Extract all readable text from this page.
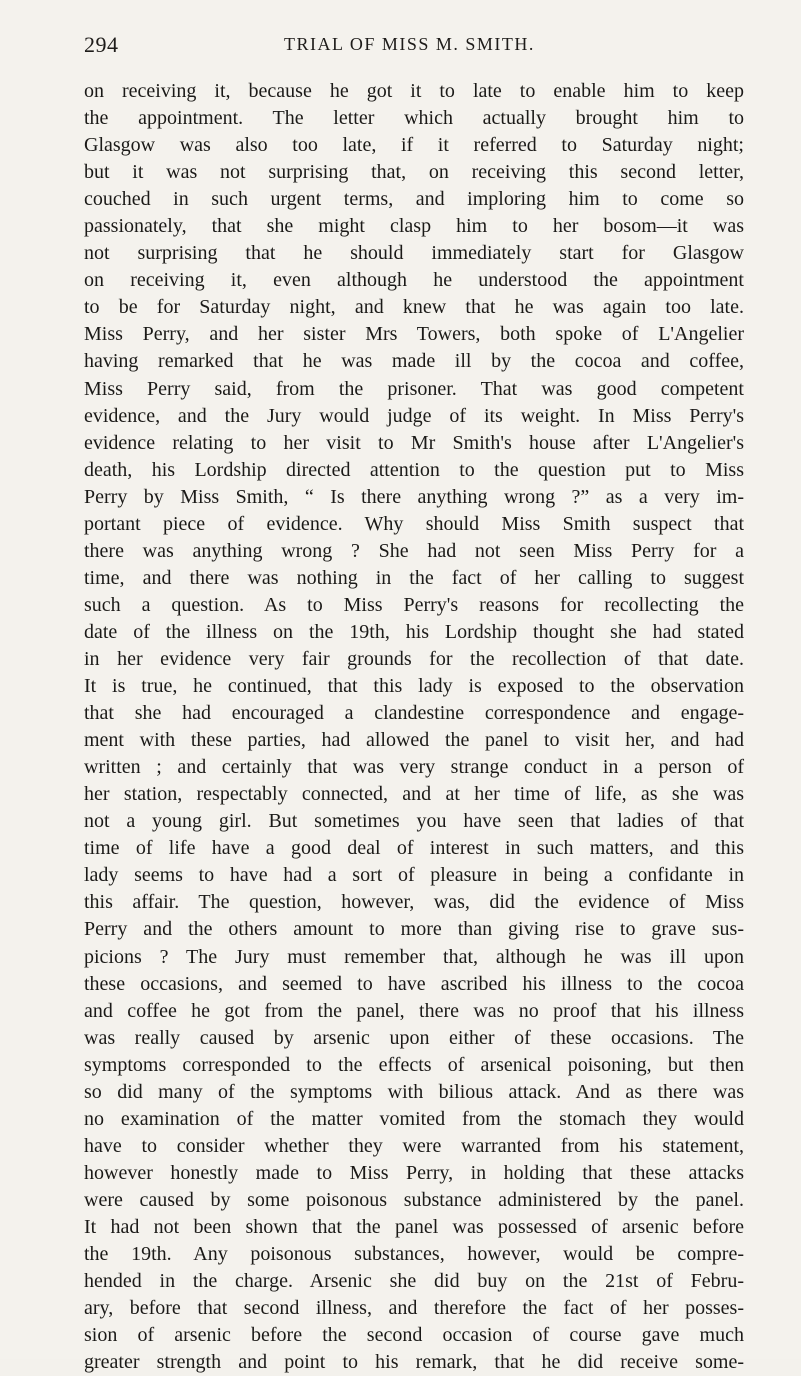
294	TRIAL OF MISS M. SMITH.
on receiving it, because he got it to late to enable him to keep
the appointment. The letter which actually brought him to
Glasgow was also too late, if it referred to Saturday night;
but it was not surprising that, on receiving this second letter,
couched in such urgent terms, and imploring him to come so
passionately, that she might clasp him to her bosom—it was
not surprising that he should immediately start for Glasgow
on receiving it, even although he understood the appointment
to be for Saturday night, and knew that he was again too late.
Miss Perry, and her sister Mrs Towers, both spoke of L'Angelier
having remarked that he was made ill by the cocoa and coffee,
Miss Perry said, from the prisoner. That was good competent
evidence, and the Jury would judge of its weight. In Miss Perry's
evidence relating to her visit to Mr Smith's house after L'Angelier's
death, his Lordship directed attention to the question put to Miss
Perry by Miss Smith, “ Is there anything wrong ?” as a very im-
portant piece of evidence. Why should Miss Smith suspect that
there was anything wrong ? She had not seen Miss Perry for a
time, and there was nothing in the fact of her calling to suggest
such a question. As to Miss Perry's reasons for recollecting the
date of the illness on the 19th, his Lordship thought she had stated
in her evidence very fair grounds for the recollection of that date.
It is true, he continued, that this lady is exposed to the observation
that she had encouraged a clandestine correspondence and engage-
ment with these parties, had allowed the panel to visit her, and had
written ; and certainly that was very strange conduct in a person of
her station, respectably connected, and at her time of life, as she was
not a young girl. But sometimes you have seen that ladies of that
time of life have a good deal of interest in such matters, and this
lady seems to have had a sort of pleasure in being a confidante in
this affair. The question, however, was, did the evidence of Miss
Perry and the others amount to more than giving rise to grave sus-
picions ? The Jury must remember that, although he was ill upon
these occasions, and seemed to have ascribed his illness to the cocoa
and coffee he got from the panel, there was no proof that his illness
was really caused by arsenic upon either of these occasions. The
symptoms corresponded to the effects of arsenical poisoning, but then
so did many of the symptoms with bilious attack. And as there was
no examination of the matter vomited from the stomach they would
have to consider whether they were warranted from his statement,
however honestly made to Miss Perry, in holding that these attacks
were caused by some poisonous substance administered by the panel.
It had not been shown that the panel was possessed of arsenic before
the 19th. Any poisonous substances, however, would be compre-
hended in the charge. Arsenic she did buy on the 21st of Febru-
ary, before that second illness, and therefore the fact of her posses-
sion of arsenic before the second occasion of course gave much
greater strength and point to his remark, that he did receive some-
